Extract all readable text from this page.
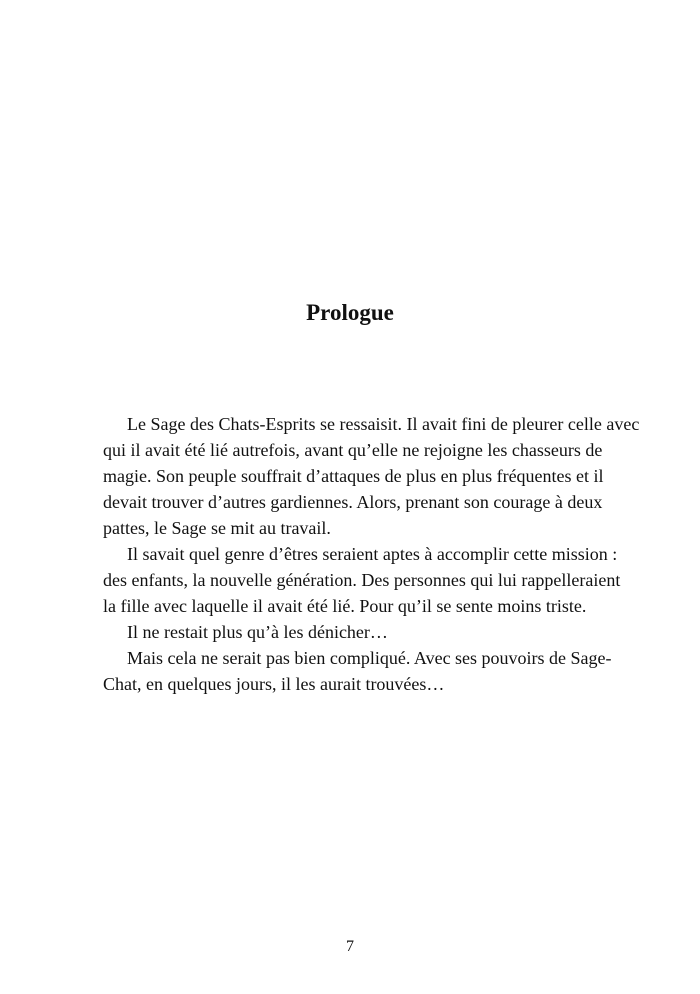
Prologue
Le Sage des Chats-Esprits se ressaisit. Il avait fini de pleurer celle avec
qui il avait été lié autrefois, avant qu’elle ne rejoigne les chasseurs de
magie. Son peuple souffrait d’attaques de plus en plus fréquentes et il
devait trouver d’autres gardiennes. Alors, prenant son courage à deux
pattes, le Sage se mit au travail.
Il savait quel genre d’êtres seraient aptes à accomplir cette mission :
des enfants, la nouvelle génération. Des personnes qui lui rappelleraient
la fille avec laquelle il avait été lié. Pour qu’il se sente moins triste.
Il ne restait plus qu’à les dénicher…
Mais cela ne serait pas bien compliqué. Avec ses pouvoirs de Sage-
Chat, en quelques jours, il les aurait trouvées…
7
